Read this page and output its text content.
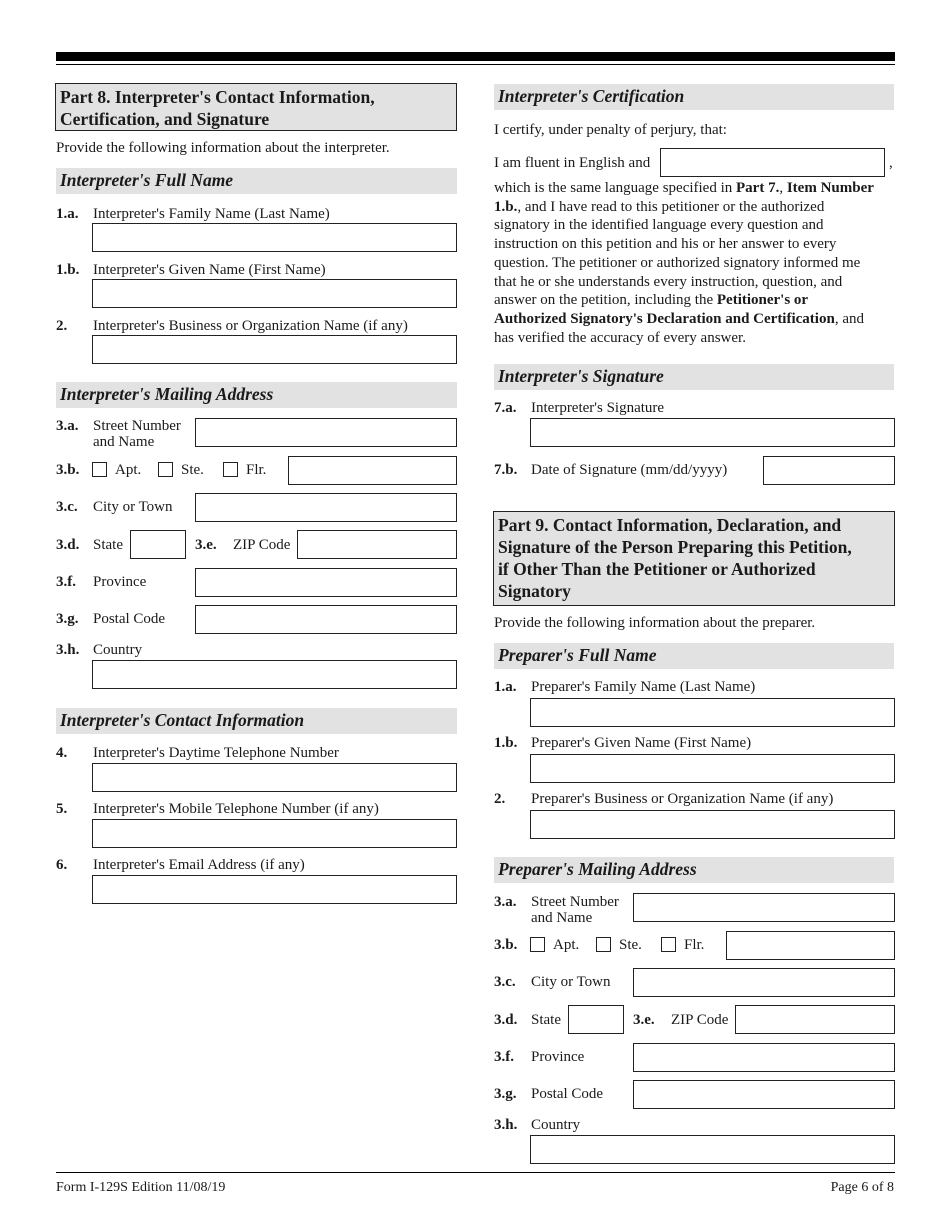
Part 8. Interpreter's Contact Information,
Certification, and Signature
Provide the following information about the interpreter.
Interpreter's Full Name
1.a. Interpreter's Family Name (Last Name)
1.b. Interpreter's Given Name (First Name)
2. Interpreter's Business or Organization Name (if any)
Interpreter's Mailing Address
3.a. Street Number
and Name
3.b. Apt.	Ste.	Flr.
3.c. City or Town
3.d. State	3.e. ZIP Code
3.f. Province
3.g. Postal Code
3.h. Country
Interpreter's Contact Information
4. Interpreter's Daytime Telephone Number
5. Interpreter's Mobile Telephone Number (if any)
6. Interpreter's Email Address (if any)
Interpreter's Certification
I certify, under penalty of perjury, that:
I am fluent in English and	,
which is the same language specified in Part 7., Item Number
1.b., and I have read to this petitioner or the authorized
signatory in the identified language every question and
instruction on this petition and his or her answer to every
question. The petitioner or authorized signatory informed me
that he or she understands every instruction, question, and
answer on the petition, including the Petitioner's or
Authorized Signatory's Declaration and Certification, and
has verified the accuracy of every answer.
Interpreter's Signature
7.a. Interpreter's Signature
7.b. Date of Signature (mm/dd/yyyy)
Part 9. Contact Information, Declaration, and
Signature of the Person Preparing this Petition,
if Other Than the Petitioner or Authorized
Signatory
Provide the following information about the preparer.
Preparer's Full Name
1.a. Preparer's Family Name (Last Name)
1.b. Preparer's Given Name (First Name)
2. Preparer's Business or Organization Name (if any)
Preparer's Mailing Address
3.a. Street Number
and Name
3.b. Apt.	Ste.	Flr.
3.c. City or Town
3.d. State	3.e. ZIP Code
3.f. Province
3.g. Postal Code
3.h. Country
Form I-129S Edition 11/08/19	Page 6 of 8
